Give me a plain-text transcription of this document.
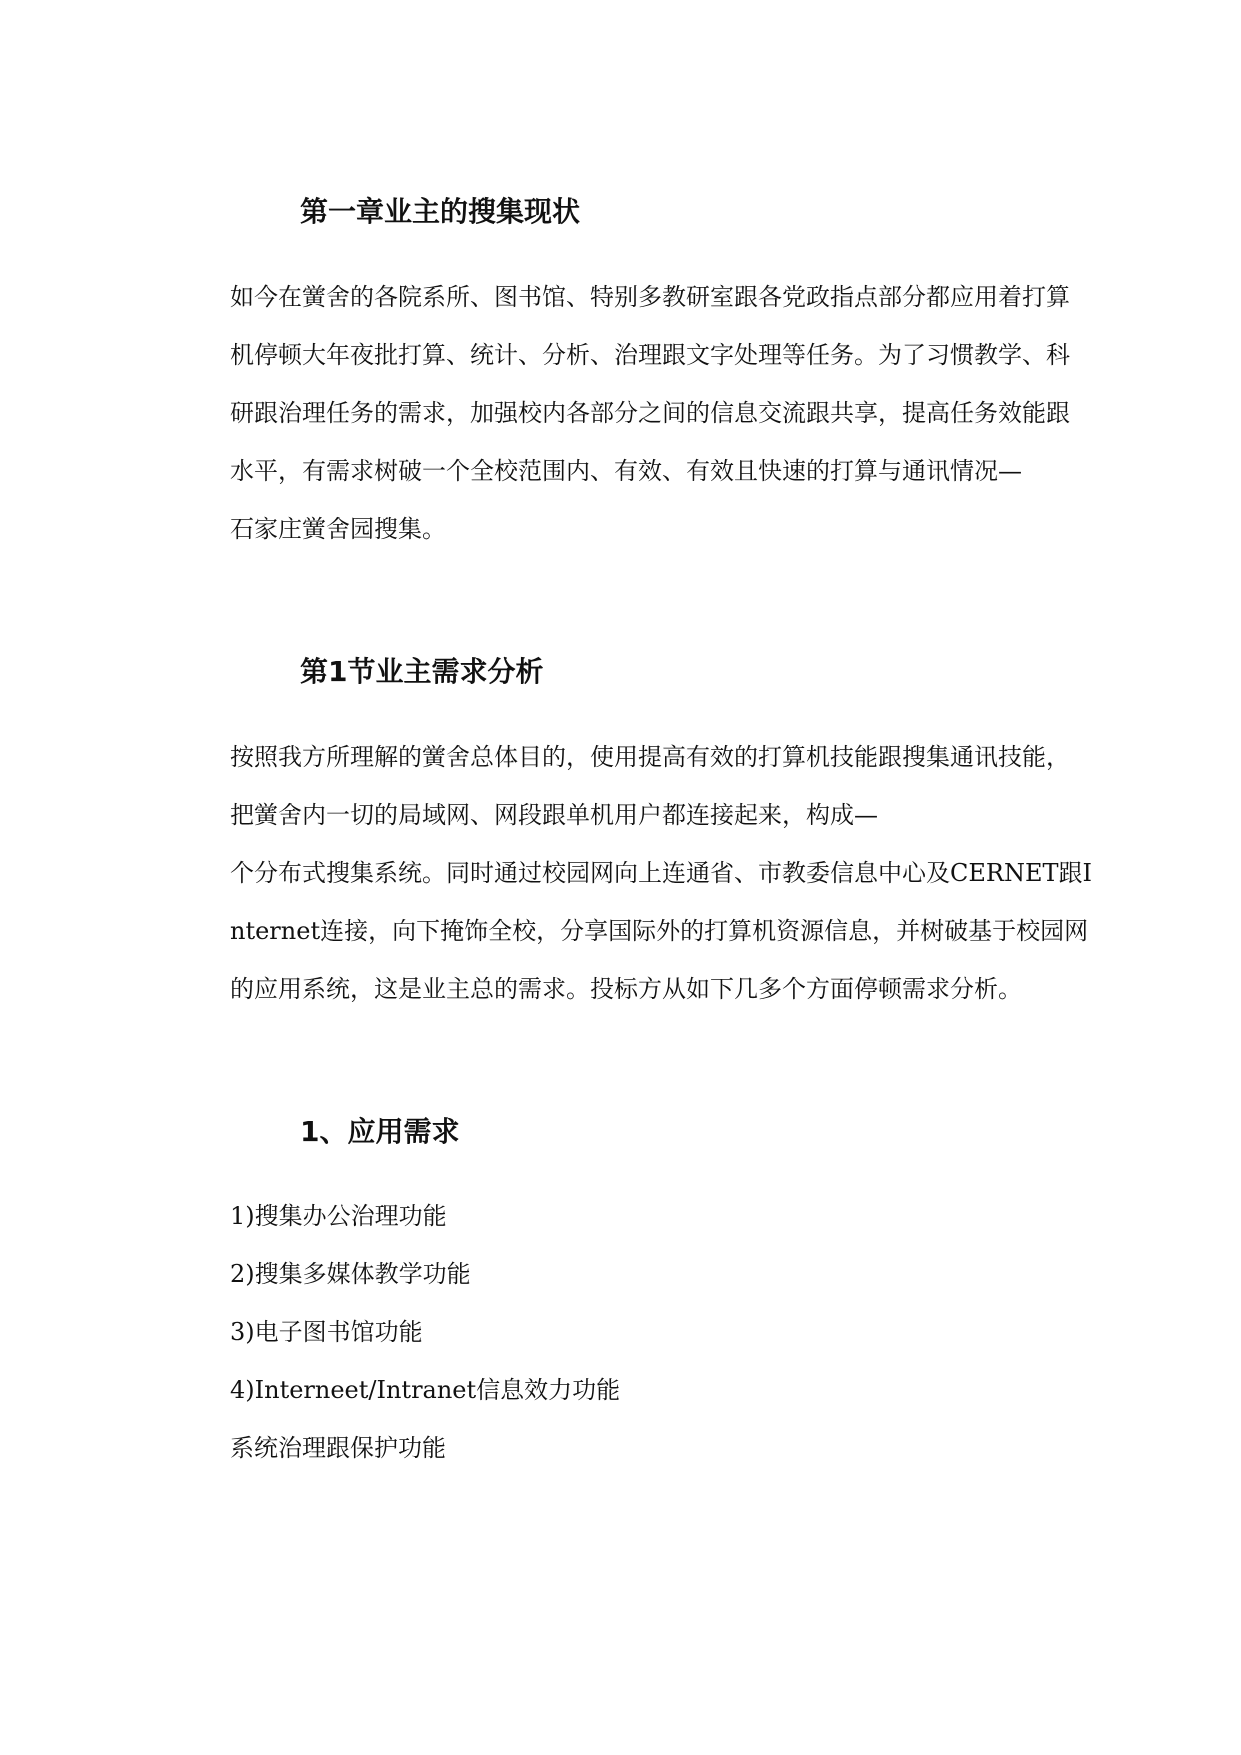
第一章业主的搜集现状
如今在黉舍的各院系所、图书馆、特别多教研室跟各党政指点部分都应用着打算
机停顿大年夜批打算、统计、分析、治理跟文字处理等任务。为了习惯教学、科
研跟治理任务的需求，加强校内各部分之间的信息交流跟共享，提高任务效能跟
水平，有需求树破一个全校范围内、有效、有效且快速的打算与通讯情况—
石家庄黉舍园搜集。
第1节业主需求分析
按照我方所理解的黉舍总体目的，使用提高有效的打算机技能跟搜集通讯技能，
把黉舍内一切的局域网、网段跟单机用户都连接起来，构成—
个分布式搜集系统。同时通过校园网向上连通省、市教委信息中心及CERNET跟I
nternet连接，向下掩饰全校，分享国际外的打算机资源信息，并树破基于校园网
的应用系统，这是业主总的需求。投标方从如下几多个方面停顿需求分析。
1、应用需求
1)搜集办公治理功能
2)搜集多媒体教学功能
3)电子图书馆功能
4)Interneet/Intranet信息效力功能
系统治理跟保护功能
